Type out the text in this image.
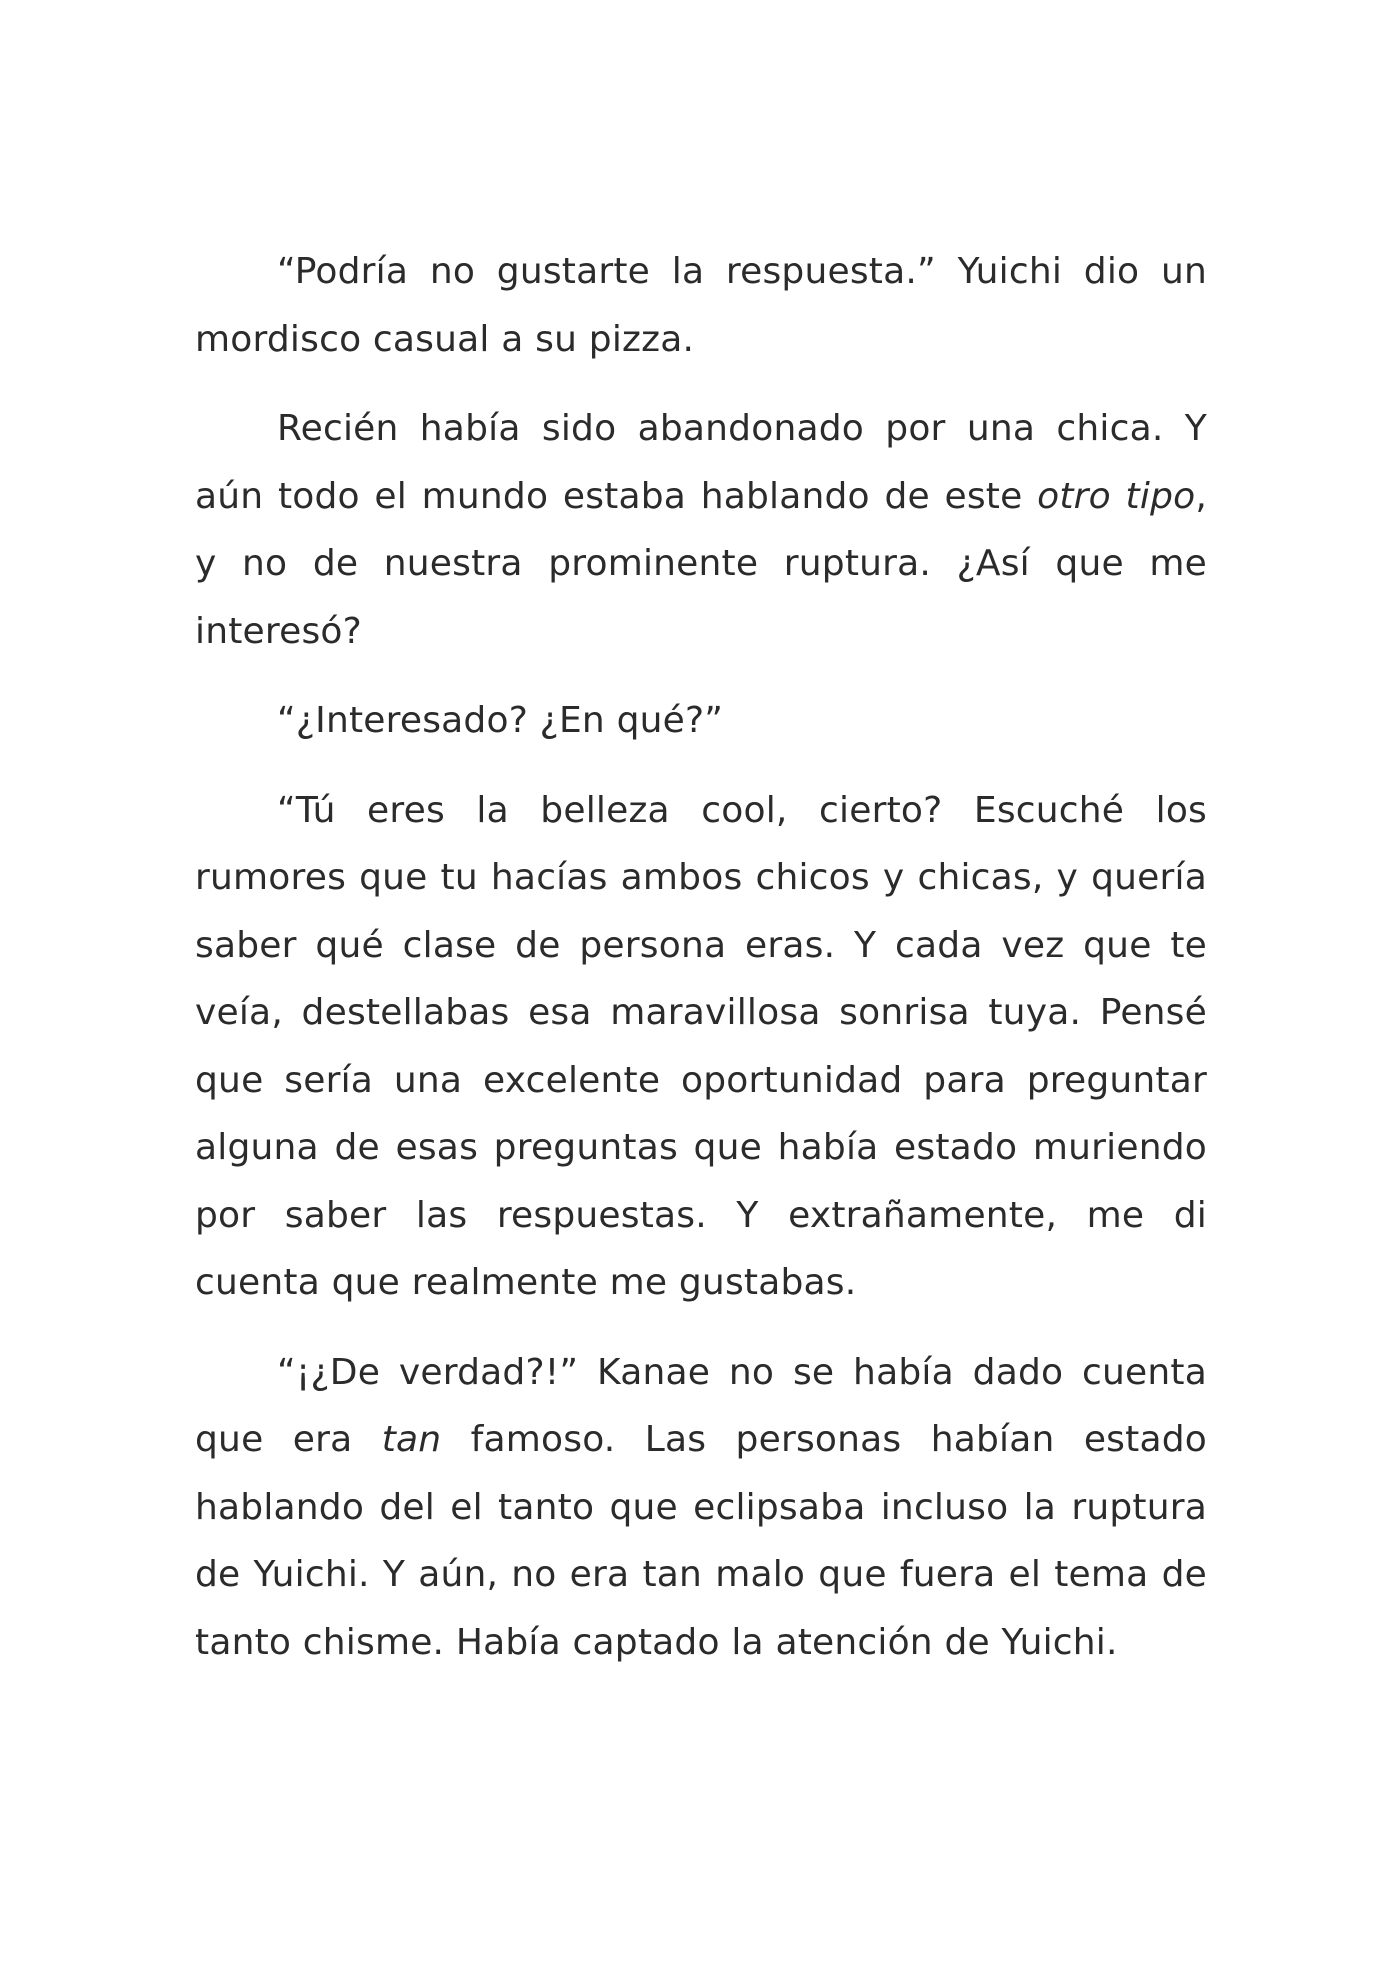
“Podría no gustarte la respuesta.” Yuichi dio un mordisco casual a su pizza.

Recién había sido abandonado por una chica. Y aún todo el mundo estaba hablando de este otro tipo, y no de nuestra prominente ruptura. ¿Así que me interesó?

“¿Interesado? ¿En qué?”

“Tú eres la belleza cool, cierto? Escuché los rumores que tu hacías ambos chicos y chicas, y quería saber qué clase de persona eras. Y cada vez que te veía, destellabas esa maravillosa sonrisa tuya. Pensé que sería una excelente oportunidad para preguntar alguna de esas preguntas que había estado muriendo por saber las respuestas. Y extrañamente, me di cuenta que realmente me gustabas.

“¡¿De verdad?!” Kanae no se había dado cuenta que era tan famoso. Las personas habían estado hablando del el tanto que eclipsaba incluso la ruptura de Yuichi. Y aún, no era tan malo que fuera el tema de tanto chisme. Había captado la atención de Yuichi.
